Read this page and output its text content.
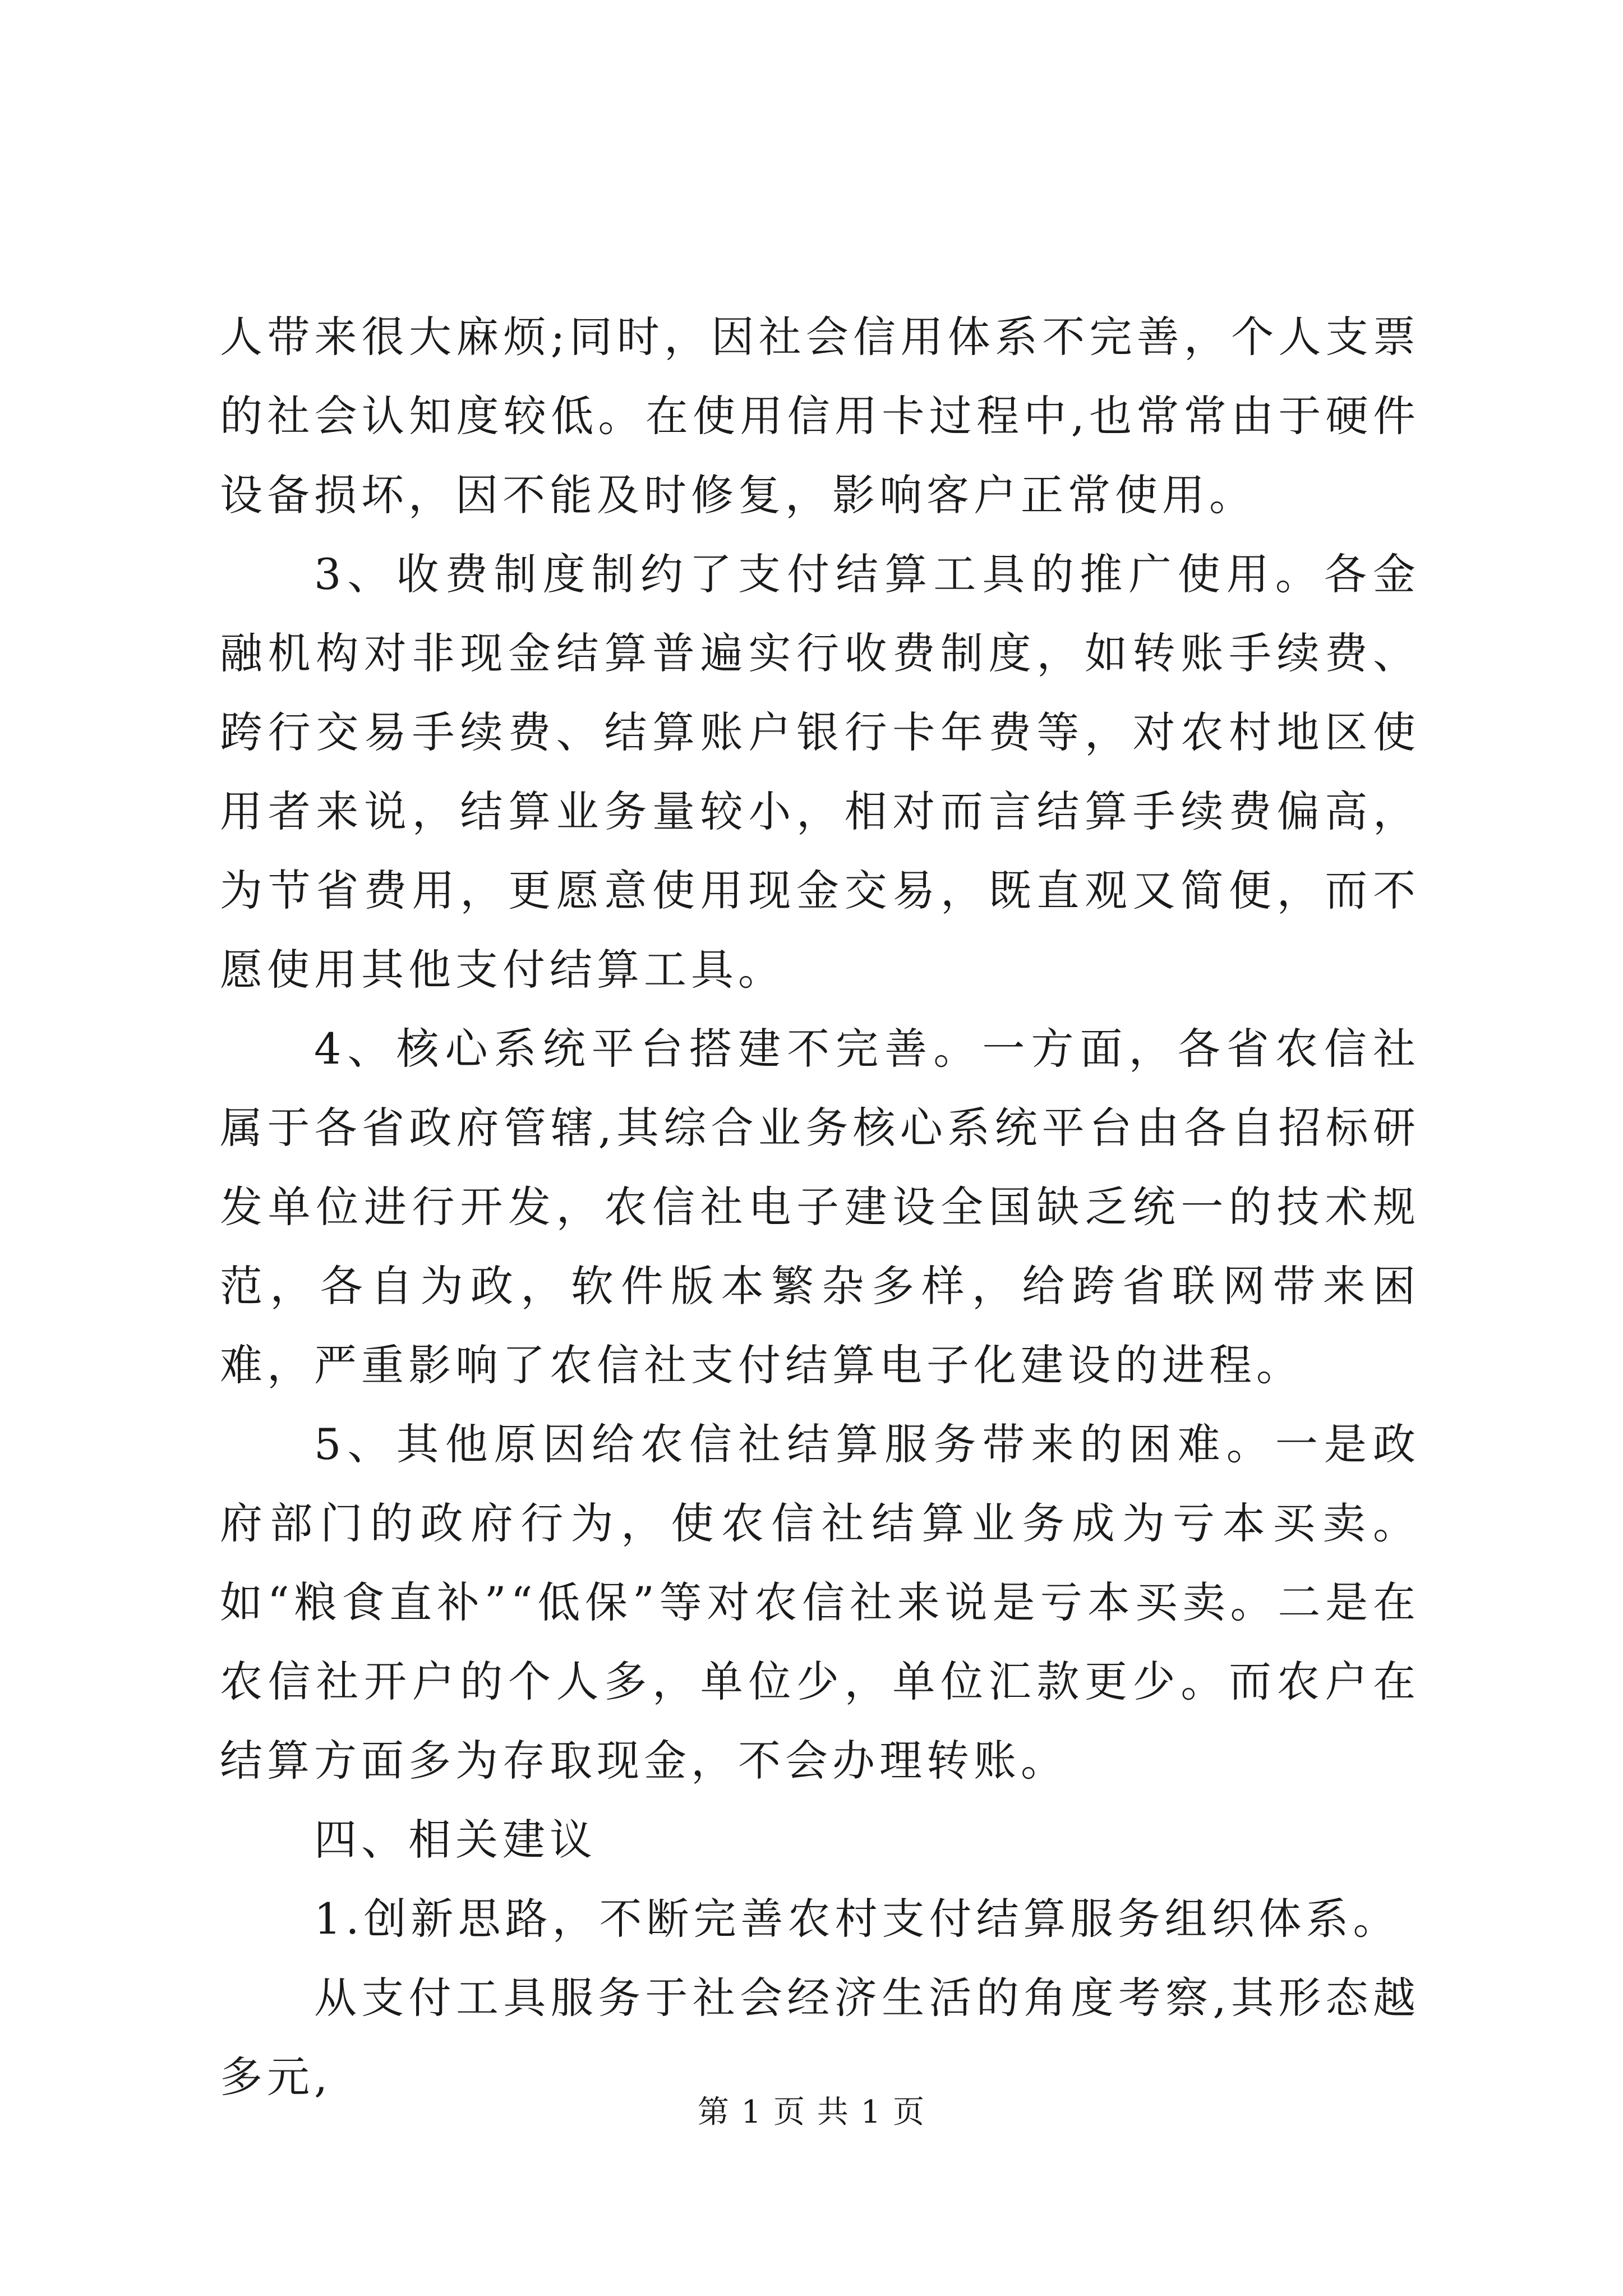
人带来很大麻烦;同时，因社会信用体系不完善，个人支票的社会认知度较低。在使用信用卡过程中,也常常由于硬件设备损坏，因不能及时修复，影响客户正常使用。

3、收费制度制约了支付结算工具的推广使用。各金融机构对非现金结算普遍实行收费制度，如转账手续费、跨行交易手续费、结算账户银行卡年费等，对农村地区使用者来说，结算业务量较小，相对而言结算手续费偏高，为节省费用，更愿意使用现金交易，既直观又简便，而不愿使用其他支付结算工具。

4、核心系统平台搭建不完善。一方面，各省农信社属于各省政府管辖,其综合业务核心系统平台由各自招标研发单位进行开发，农信社电子建设全国缺乏统一的技术规范，各自为政，软件版本繁杂多样，给跨省联网带来困难，严重影响了农信社支付结算电子化建设的进程。

5、其他原因给农信社结算服务带来的困难。一是政府部门的政府行为，使农信社结算业务成为亏本买卖。如“粮食直补”“低保”等对农信社来说是亏本买卖。二是在农信社开户的个人多，单位少，单位汇款更少。而农户在结算方面多为存取现金，不会办理转账。

四、相关建议

1.创新思路，不断完善农村支付结算服务组织体系。

从支付工具服务于社会经济生活的角度考察,其形态越多元,

第 1 页 共 1 页
